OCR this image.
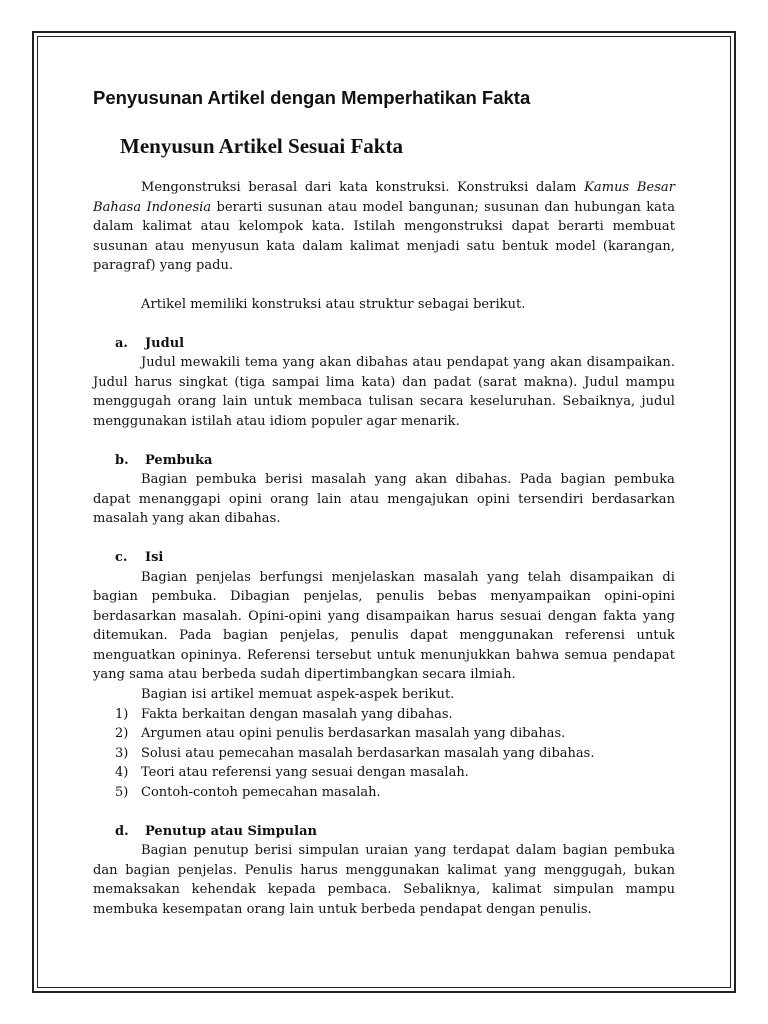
Penyusunan Artikel dengan Memperhatikan Fakta
Menyusun Artikel Sesuai Fakta

Mengonstruksi berasal dari kata konstruksi. Konstruksi dalam Kamus Besar Bahasa Indonesia berarti susunan atau model bangunan; susunan dan hubungan kata dalam kalimat atau kelompok kata. Istilah mengonstruksi dapat berarti membuat susunan atau menyusun kata dalam kalimat menjadi satu bentuk model (karangan, paragraf) yang padu.

Artikel memiliki konstruksi atau struktur sebagai berikut.

a.	Judul

Judul mewakili tema yang akan dibahas atau pendapat yang akan disampaikan. Judul harus singkat (tiga sampai lima kata) dan padat (sarat makna). Judul mampu menggugah orang lain untuk membaca tulisan secara keseluruhan. Sebaiknya, judul menggunakan istilah atau idiom populer agar menarik.

b.	Pembuka

Bagian pembuka berisi masalah yang akan dibahas. Pada bagian pembuka dapat menanggapi opini orang lain atau mengajukan opini tersendiri berdasarkan masalah yang akan dibahas.

c.	Isi

Bagian penjelas berfungsi menjelaskan masalah yang telah disampaikan di bagian pembuka. Dibagian penjelas, penulis bebas menyampaikan opini-opini berdasarkan masalah. Opini-opini yang disampaikan harus sesuai dengan fakta yang ditemukan. Pada bagian penjelas, penulis dapat menggunakan referensi untuk menguatkan opininya. Referensi tersebut untuk menunjukkan bahwa semua pendapat yang sama atau berbeda sudah dipertimbangkan secara ilmiah.

Bagian isi artikel memuat aspek-aspek berikut.

1) Fakta berkaitan dengan masalah yang dibahas.
2) Argumen atau opini penulis berdasarkan masalah yang dibahas.
3) Solusi atau pemecahan masalah berdasarkan masalah yang dibahas.
4) Teori atau referensi yang sesuai dengan masalah.
5) Contoh-contoh pemecahan masalah.
d.	Penutup atau Simpulan

Bagian penutup berisi simpulan uraian yang terdapat dalam bagian pembuka dan bagian penjelas. Penulis harus menggunakan kalimat yang menggugah, bukan memaksakan kehendak kepada pembaca. Sebaliknya, kalimat simpulan mampu membuka kesempatan orang lain untuk berbeda pendapat dengan penulis.
